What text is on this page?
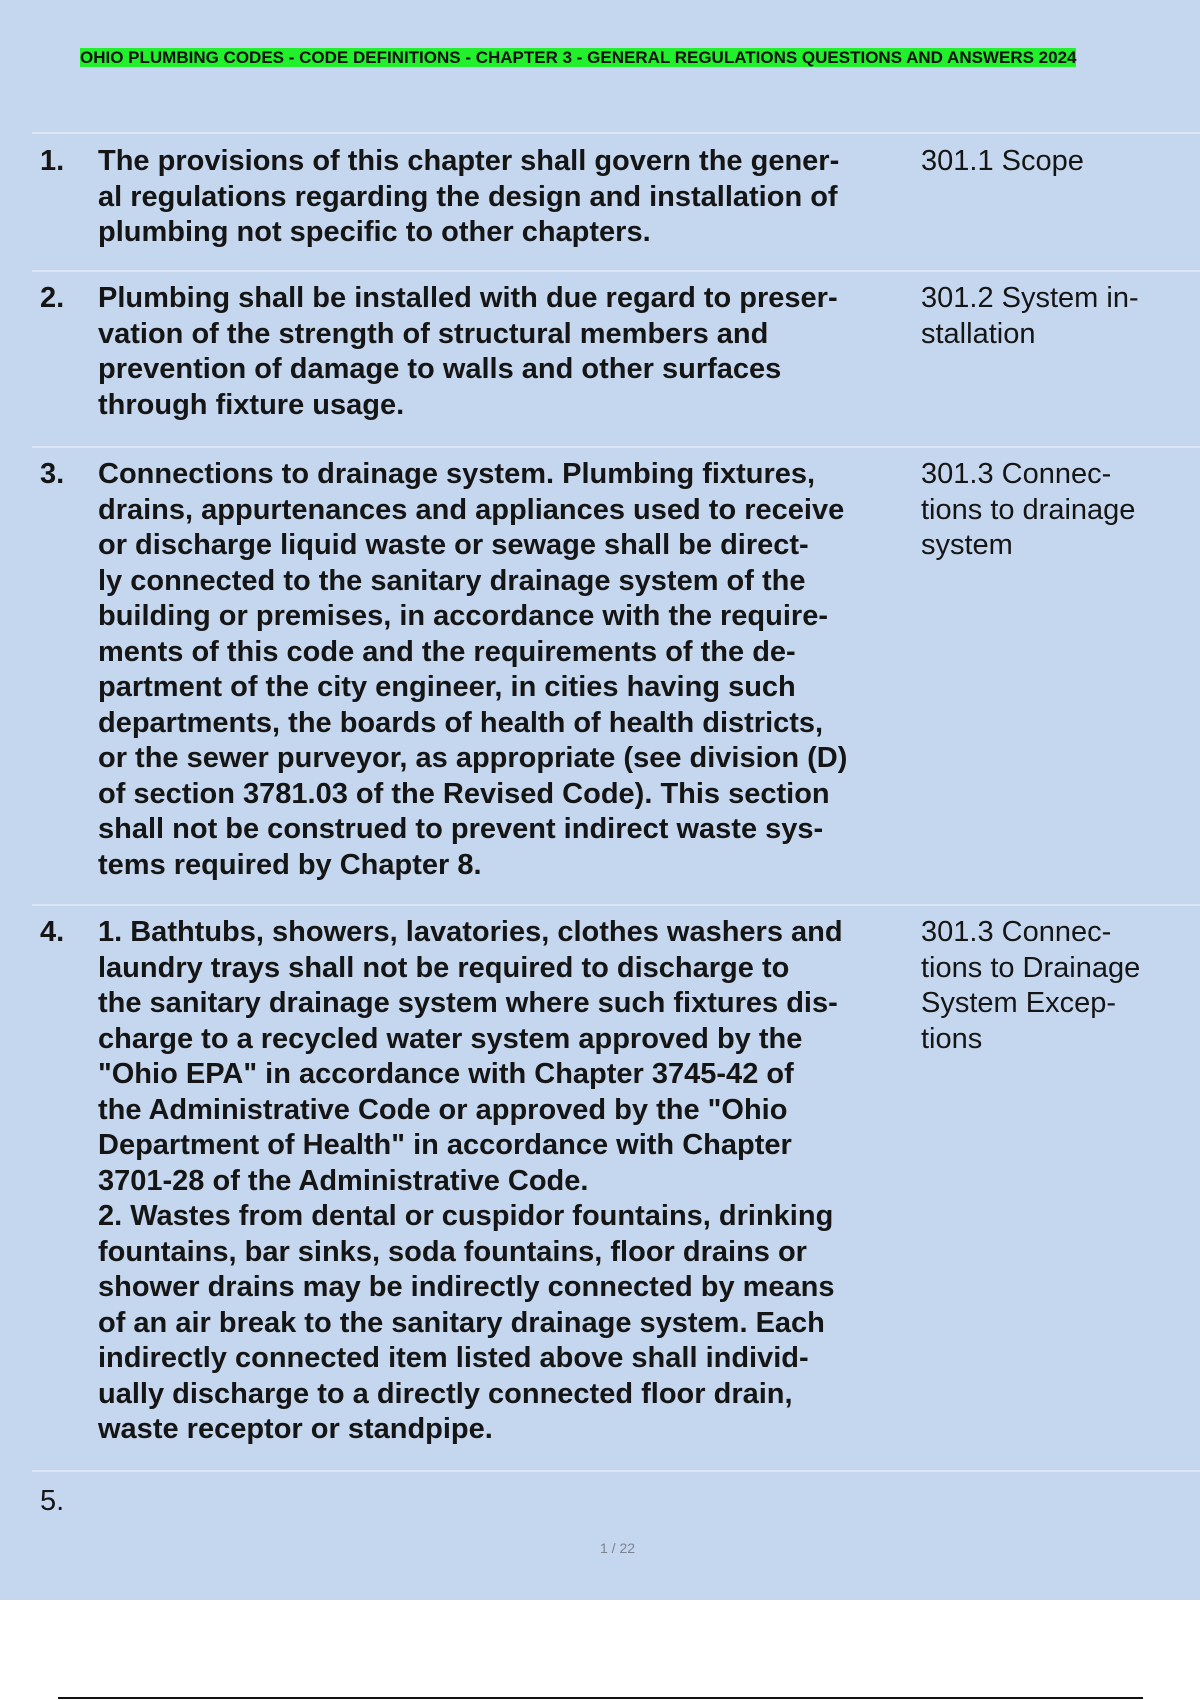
OHIO PLUMBING CODES - CODE DEFINITIONS - CHAPTER 3 - GENERAL REGULATIONS QUESTIONS AND ANSWERS 2024
1. The provisions of this chapter shall govern the gener-
al regulations regarding the design and installation of
plumbing not specific to other chapters.
301.1 Scope
2. Plumbing shall be installed with due regard to preser-
vation of the strength of structural members and
prevention of damage to walls and other surfaces
through fixture usage.
301.2 System in-
stallation
3. Connections to drainage system. Plumbing fixtures,
drains, appurtenances and appliances used to receive
or discharge liquid waste or sewage shall be direct-
ly connected to the sanitary drainage system of the
building or premises, in accordance with the require-
ments of this code and the requirements of the de-
partment of the city engineer, in cities having such
departments, the boards of health of health districts,
or the sewer purveyor, as appropriate (see division (D)
of section 3781.03 of the Revised Code). This section
shall not be construed to prevent indirect waste sys-
tems required by Chapter 8.
301.3 Connec-
tions to drainage
system
4. 1. Bathtubs, showers, lavatories, clothes washers and
laundry trays shall not be required to discharge to
the sanitary drainage system where such fixtures dis-
charge to a recycled water system approved by the
"Ohio EPA" in accordance with Chapter 3745-42 of
the Administrative Code or approved by the "Ohio
Department of Health" in accordance with Chapter
3701-28 of the Administrative Code.
2. Wastes from dental or cuspidor fountains, drinking
fountains, bar sinks, soda fountains, floor drains or
shower drains may be indirectly connected by means
of an air break to the sanitary drainage system. Each
indirectly connected item listed above shall individ-
ually discharge to a directly connected floor drain,
waste receptor or standpipe.
301.3 Connec-
tions to Drainage
System Excep-
tions
5.
1 / 22
